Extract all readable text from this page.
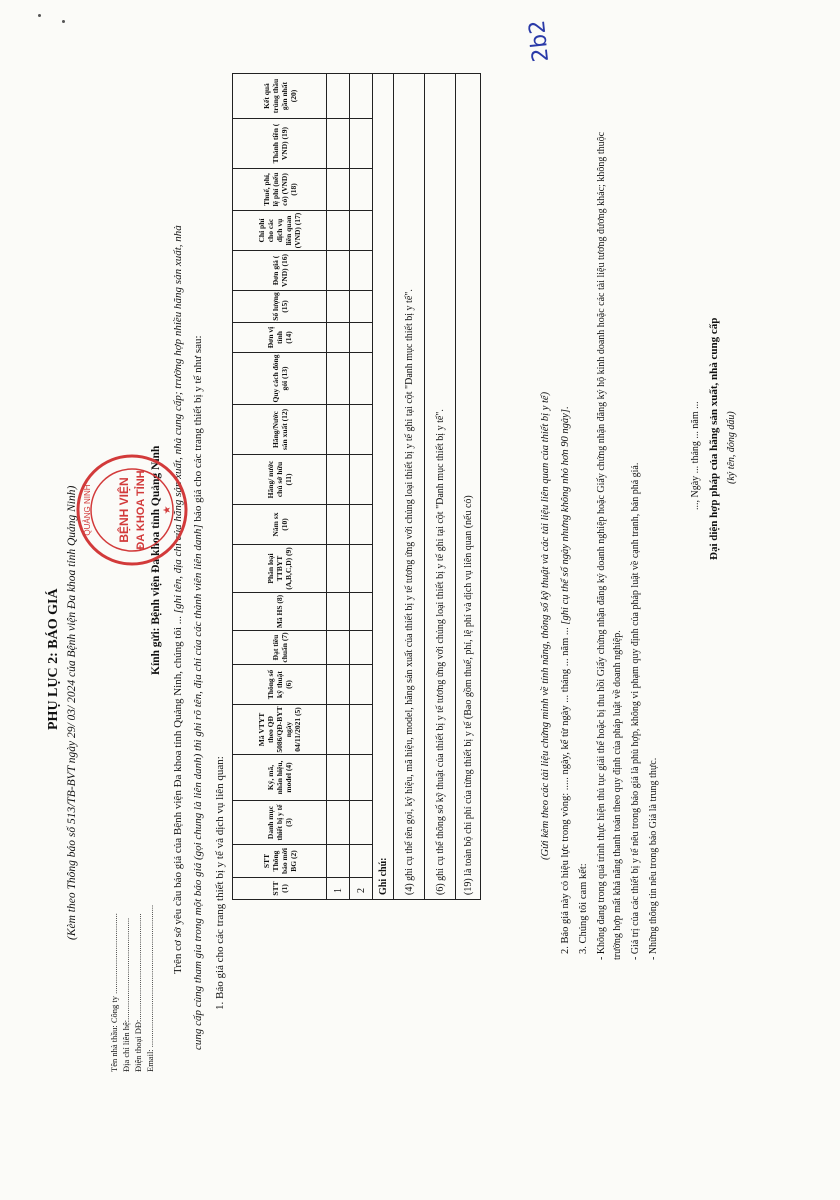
PHỤ LỤC 2: BÁO GIÁ (Kèm theo Thông báo số 513/TB-BVT ngày 29/ 03/ 2024 của Bệnh viện Đa khoa tỉnh Quảng Ninh)
2b2
Tên nhà thầu: Công ty ...................................... Địa chỉ liên hệ:................................................ Điện thoại DĐ:.................................................. Email: ...................................................................
Kính gửi: Bệnh viện Đa khoa tỉnh Quảng Ninh
Trên cơ sở yêu cầu báo giá của Bệnh viện Đa khoa tỉnh Quảng Ninh, chúng tôi ... [ghi tên, địa chỉ của hãng sản xuất, nhà cung cấp; trường hợp nhiều hãng sản xuất, nhà cung cấp cùng tham gia trong một báo giá (gọi chung là liên danh) thì ghi rõ tên, địa chỉ của các thành viên liên danh] báo giá cho các trang thiết bị y tế như sau:
1. Báo giá cho các trang thiết bị y tế và dịch vụ liên quan:
BỆNH VIỆN ĐA KHOA TỈNH
QUẢNG NINH	★
STT (1)	STT Thông báo mời BG (2)	Danh mục thiết bị y tế (3)	Ký, mã, nhãn hiệu, model (4)	Mã VTYT theo QĐ 5086/QĐ-BYT ngày 04/11/2021 (5)	Thông số kỹ thuật (6)	Đạt tiêu chuẩn (7)	Mã HS (8)	Phân loại TTBYT (A,B,C,D) (9)	Năm sx (10)	Hãng/ nước chủ sở hữu (11)	Hãng/Nước sản xuất (12)	Quy cách đóng gói (13)	Đơn vị tính (14)	Số lượng (15)	Đơn giá ( VND) (16)	Chi phí cho các dịch vụ liên quan (VND) (17)	Thuế, phí, lệ phí (nếu có) (VND) (18)	Thành tiền ( VND) (19)	Kết quả trúng thầu gần nhất (20)
1																			
2																			
Ghi chú:																			
(4) ghi cụ thể tên gọi, ký hiệu, mã hiệu, model, hãng sản xuất của thiết bị y tế tương ứng với chủng loại thiết bị y tế ghi tại cột "Danh mục thiết bị y tế".																			
(6) ghi cụ thể thông số kỹ thuật của thiết bị y tế tương ứng với chủng loại thiết bị y tế ghi tại cột "Danh mục thiết bị y tế".																			
(19) là toàn bộ chi phí của từng thiết bị y tế (Bao gồm thuế, phí, lệ phí và dịch vụ liên quan (nếu có)																				(Gửi kèm theo các tài liệu chứng minh về tính năng, thông số kỹ thuật và các tài liệu liên quan của thiết bị y tế) 2. Báo giá này có hiệu lực trong vòng: ..... ngày, kể từ ngày ... tháng ... năm ... [ghi cụ thể số ngày nhưng không nhỏ hơn 90 ngày].
3. Chúng tôi cam kết: - Không đang trong quá trình thực hiện thủ tục giải thể hoặc bị thu hồi Giấy chứng nhận đăng ký doanh nghiệp hoặc Giấy chứng nhận đăng ký hộ kinh doanh hoặc các tài liệu tương đương khác; không thuộc trường hợp mất khả năng thanh toán theo quy định của pháp luật về doanh nghiệp. - Giá trị của các thiết bị y tế nêu trong báo giá là phù hợp, không vi phạm quy định của pháp luật về cạnh tranh, bán phá giá. - Những thông tin nêu trong báo Giá là trung thực.
..., Ngày ... tháng ... năm ... Đại diện hợp pháp của hãng sản xuất, nhà cung cấp (ký tên, đóng dấu)
